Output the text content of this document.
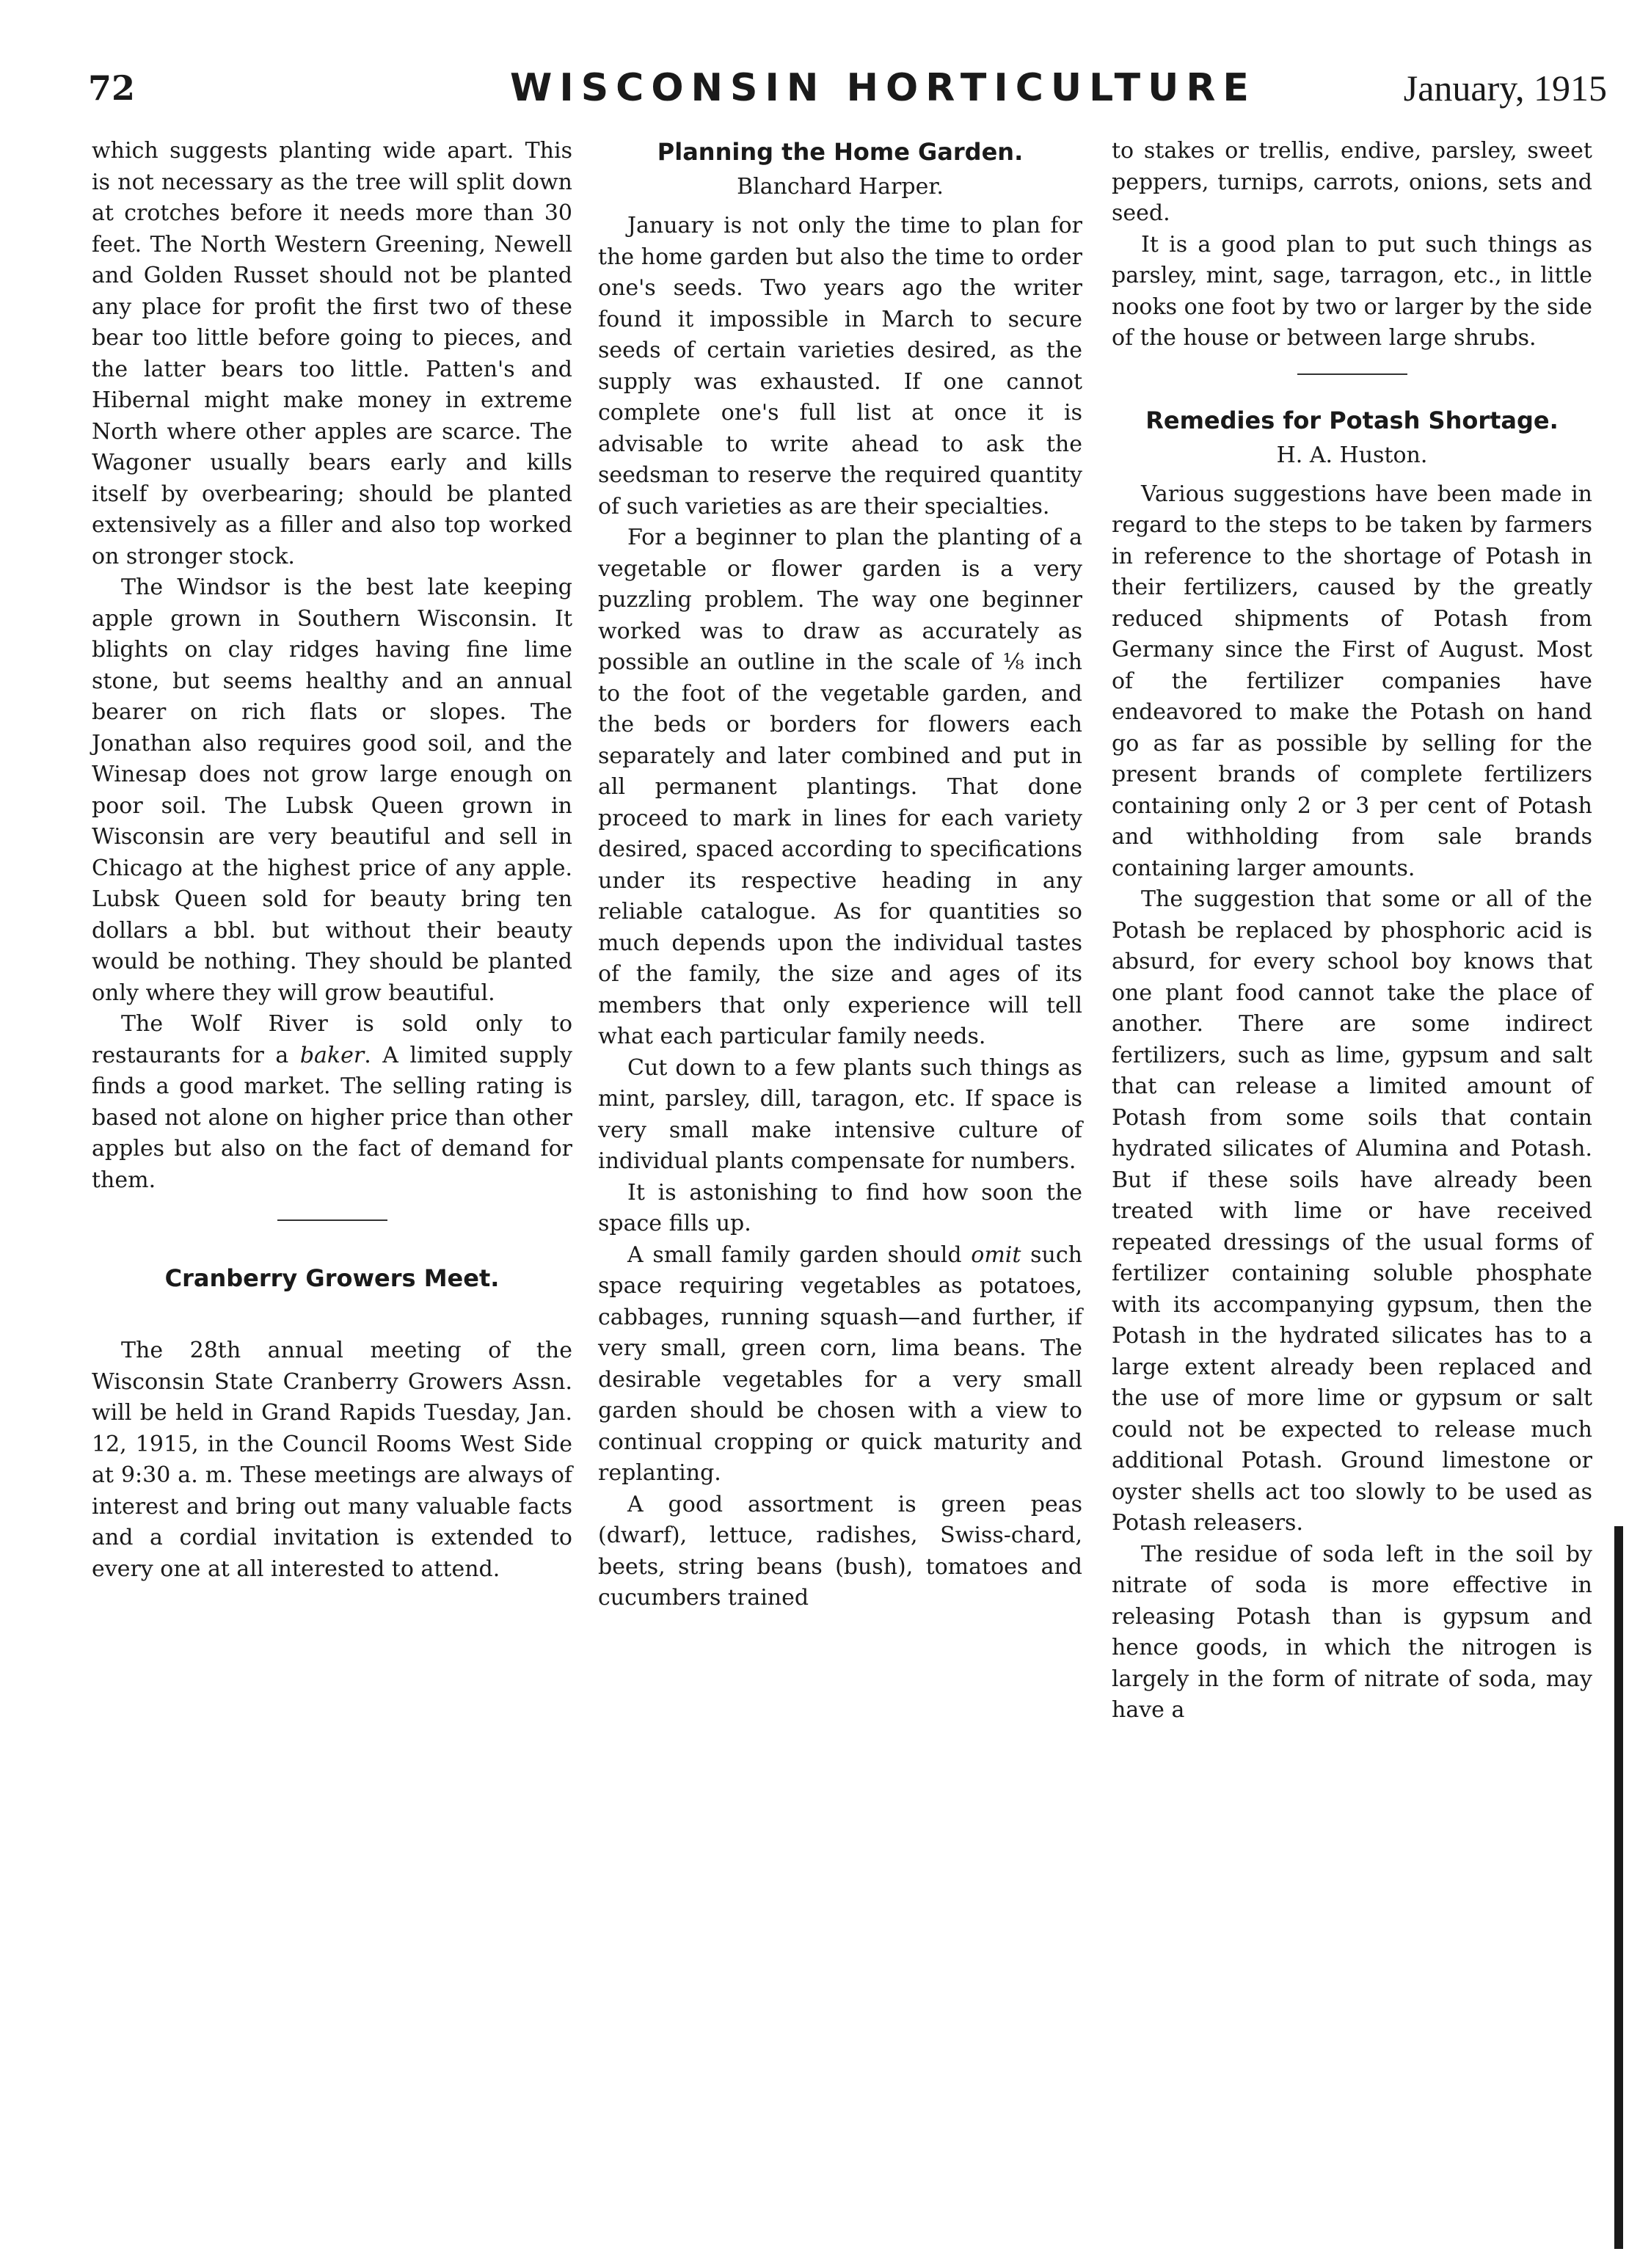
72	WISCONSIN HORTICULTURE	January, 1915

which suggests planting wide apart. This is not necessary as the tree will split down at crotches before it needs more than 30 feet. The North Western Greening, Newell and Golden Russet should not be planted any place for profit the first two of these bear too little before going to pieces, and the latter bears too little. Patten's and Hibernal might make money in extreme North where other apples are scarce. The Wagoner usually bears early and kills itself by overbearing; should be planted extensively as a filler and also top worked on stronger stock.

The Windsor is the best late keeping apple grown in Southern Wisconsin. It blights on clay ridges having fine lime stone, but seems healthy and an annual bearer on rich flats or slopes. The Jonathan also requires good soil, and the Winesap does not grow large enough on poor soil. The Lubsk Queen grown in Wisconsin are very beautiful and sell in Chicago at the highest price of any apple. Lubsk Queen sold for beauty bring ten dollars a bbl. but without their beauty would be nothing. They should be planted only where they will grow beautiful.

The Wolf River is sold only to restaurants for a baker. A limited supply finds a good market. The selling rating is based not alone on higher price than other apples but also on the fact of demand for them.

Cranberry Growers Meet.

The 28th annual meeting of the Wisconsin State Cranberry Growers Assn. will be held in Grand Rapids Tuesday, Jan. 12, 1915, in the Council Rooms West Side at 9:30 a. m. These meetings are always of interest and bring out many valuable facts and a cordial invitation is extended to every one at all interested to attend.

Planning the Home Garden.
Blanchard Harper.

January is not only the time to plan for the home garden but also the time to order one's seeds. Two years ago the writer found it impossible in March to secure seeds of certain varieties desired, as the supply was exhausted. If one cannot complete one's full list at once it is advisable to write ahead to ask the seedsman to reserve the required quantity of such varieties as are their specialties.

For a beginner to plan the planting of a vegetable or flower garden is a very puzzling problem. The way one beginner worked was to draw as accurately as possible an outline in the scale of ⅛ inch to the foot of the vegetable garden, and the beds or borders for flowers each separately and later combined and put in all permanent plantings. That done proceed to mark in lines for each variety desired, spaced according to specifications under its respective heading in any reliable catalogue. As for quantities so much depends upon the individual tastes of the family, the size and ages of its members that only experience will tell what each particular family needs.

Cut down to a few plants such things as mint, parsley, dill, taragon, etc. If space is very small make intensive culture of individual plants compensate for numbers.

It is astonishing to find how soon the space fills up.

A small family garden should omit such space requiring vegetables as potatoes, cabbages, running squash—and further, if very small, green corn, lima beans. The desirable vegetables for a very small garden should be chosen with a view to continual cropping or quick maturity and replanting.

A good assortment is green peas (dwarf), lettuce, radishes, Swiss-chard, beets, string beans (bush), tomatoes and cucumbers trained

to stakes or trellis, endive, parsley, sweet peppers, turnips, carrots, onions, sets and seed.

It is a good plan to put such things as parsley, mint, sage, tarragon, etc., in little nooks one foot by two or larger by the side of the house or between large shrubs.

Remedies for Potash Shortage.
H. A. Huston.

Various suggestions have been made in regard to the steps to be taken by farmers in reference to the shortage of Potash in their fertilizers, caused by the greatly reduced shipments of Potash from Germany since the First of August. Most of the fertilizer companies have endeavored to make the Potash on hand go as far as possible by selling for the present brands of complete fertilizers containing only 2 or 3 per cent of Potash and withholding from sale brands containing larger amounts.

The suggestion that some or all of the Potash be replaced by phosphoric acid is absurd, for every school boy knows that one plant food cannot take the place of another. There are some indirect fertilizers, such as lime, gypsum and salt that can release a limited amount of Potash from some soils that contain hydrated silicates of Alumina and Potash. But if these soils have already been treated with lime or have received repeated dressings of the usual forms of fertilizer containing soluble phosphate with its accompanying gypsum, then the Potash in the hydrated silicates has to a large extent already been replaced and the use of more lime or gypsum or salt could not be expected to release much additional Potash. Ground limestone or oyster shells act too slowly to be used as Potash releasers.

The residue of soda left in the soil by nitrate of soda is more effective in releasing Potash than is gypsum and hence goods, in which the nitrogen is largely in the form of nitrate of soda, may have a
